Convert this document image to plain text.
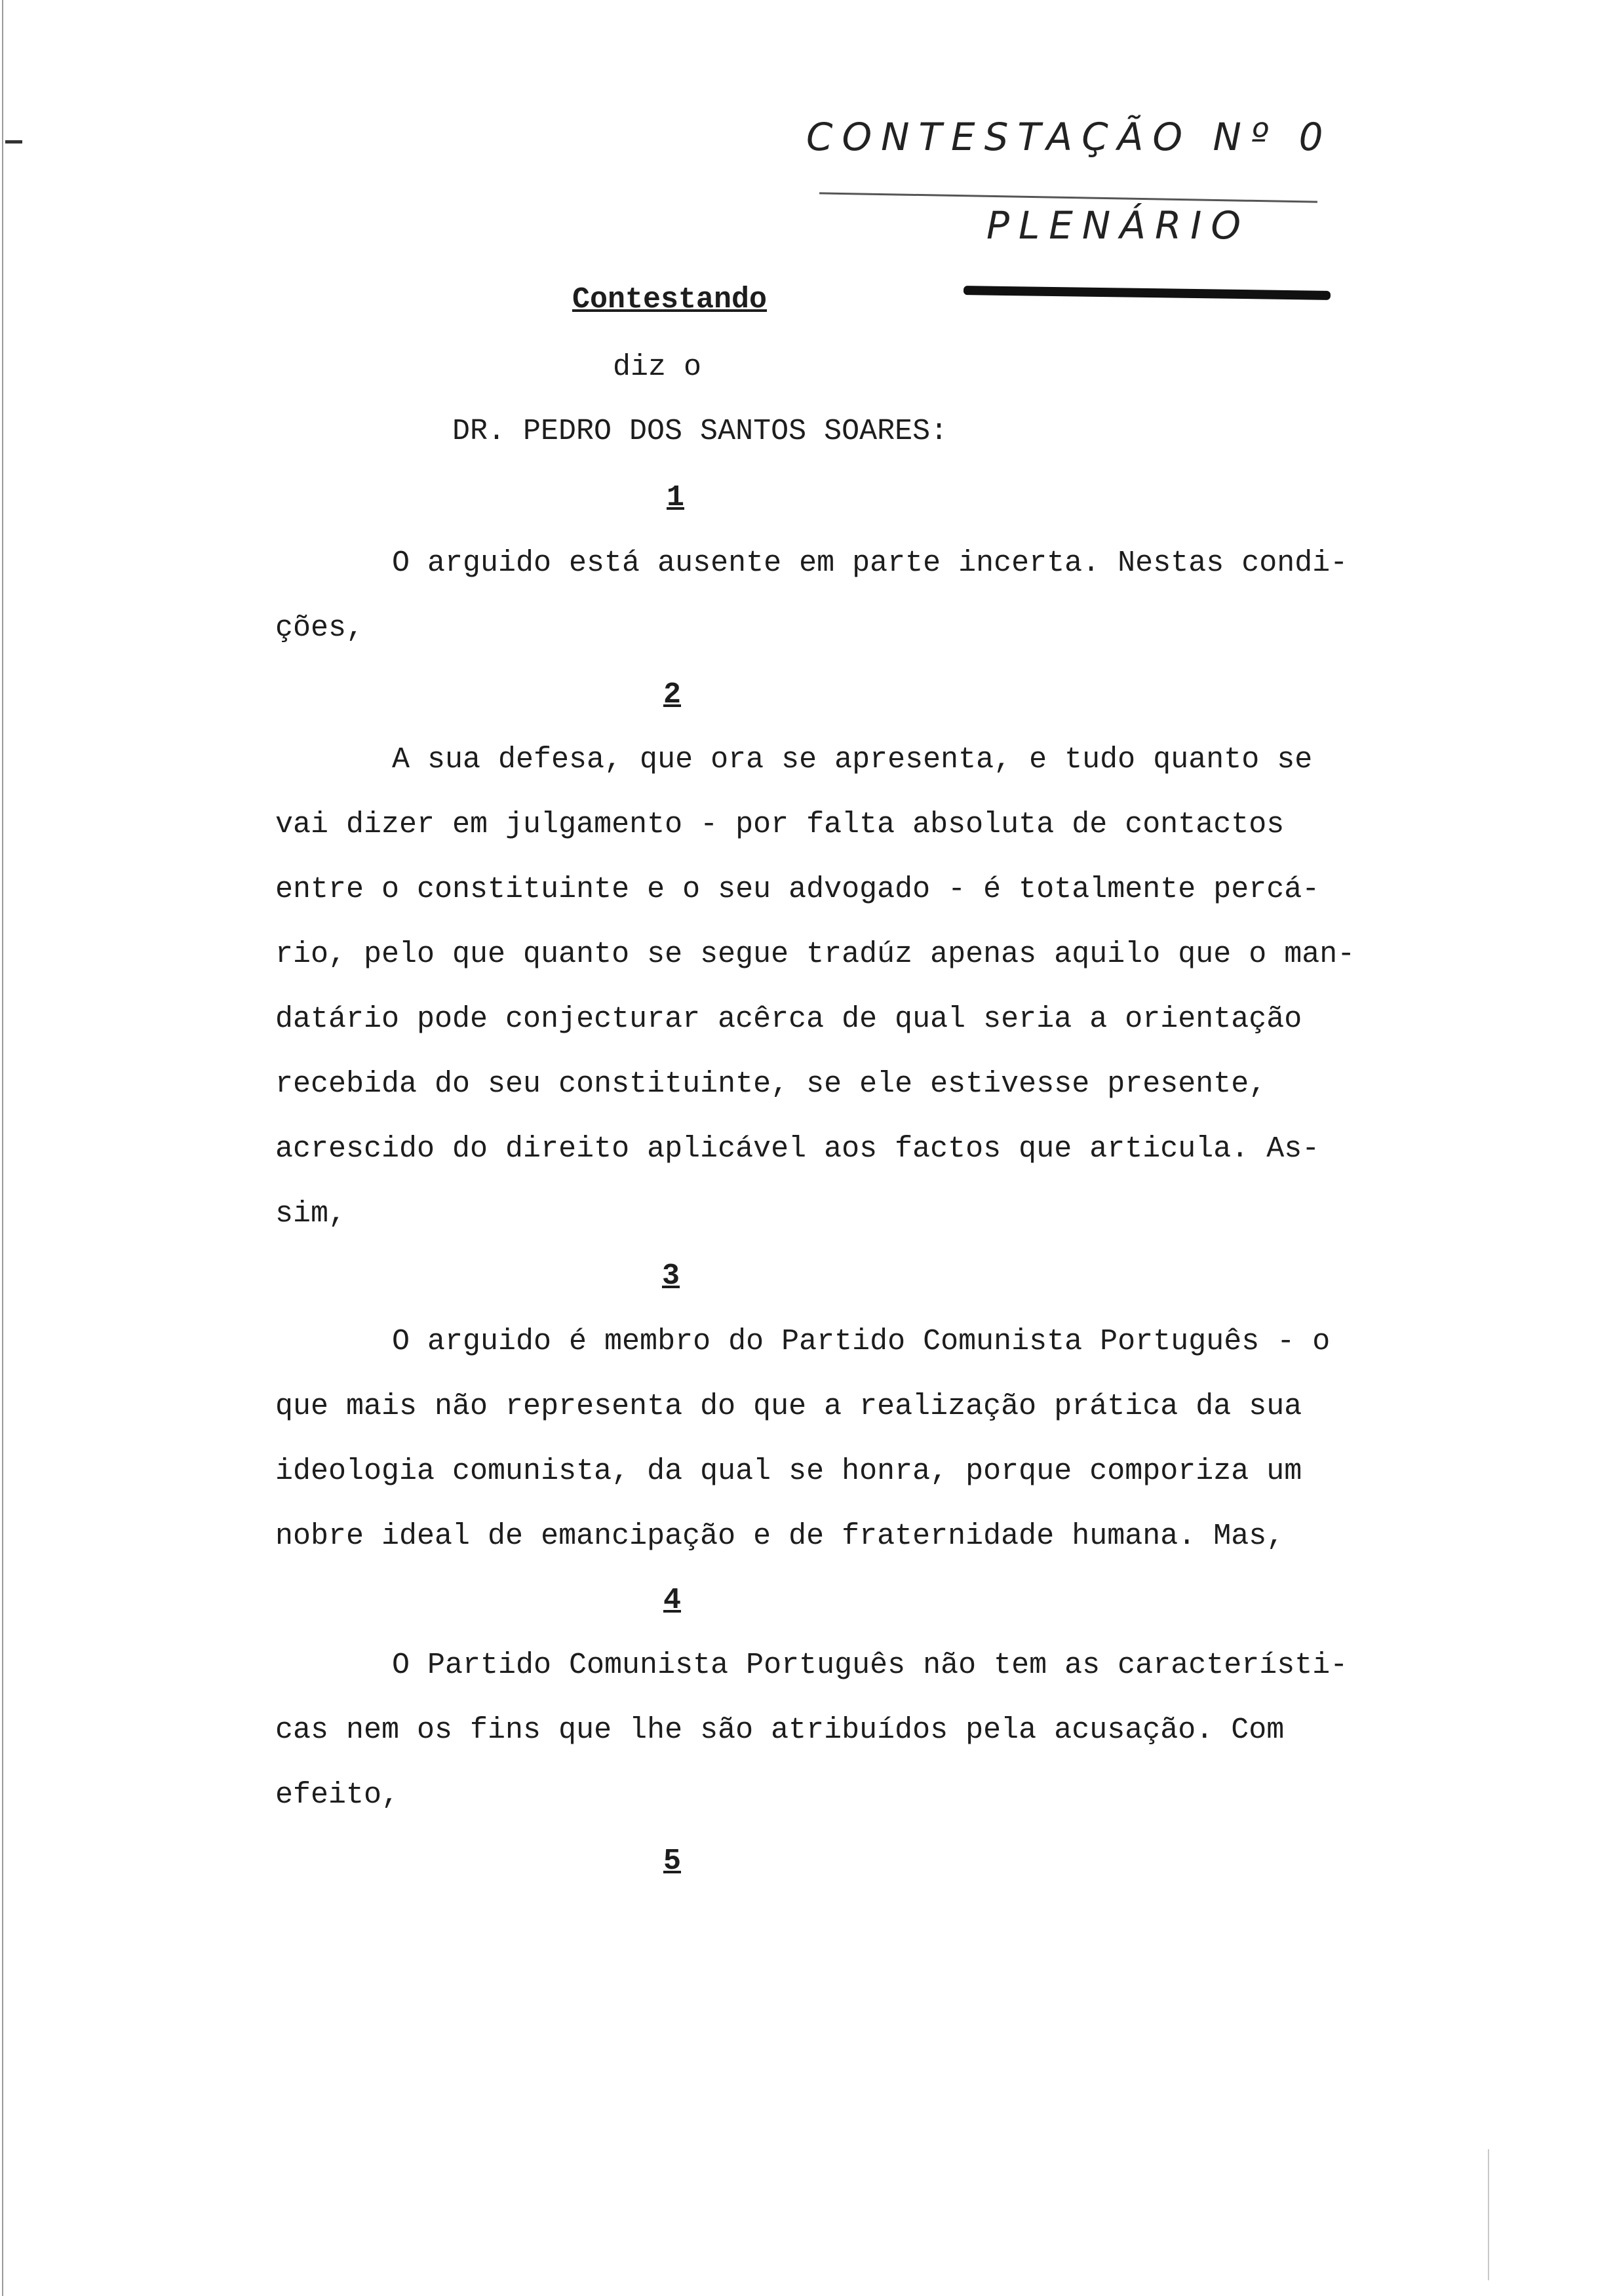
CONTESTAÇÃO Nº 0
PLENÁRIO
Contestando
diz o
DR. PEDRO DOS SANTOS SOARES:
1
O arguido está ausente em parte incerta. Nestas condi-
ções,
2
A sua defesa, que ora se apresenta, e tudo quanto se
vai dizer em julgamento - por falta absoluta de contactos
entre o constituinte e o seu advogado - é totalmente percá-
rio, pelo que quanto se segue tradúz apenas aquilo que o man-
datário pode conjecturar acêrca de qual seria a orientação
recebida do seu constituinte, se ele estivesse presente,
acrescido do direito aplicável aos factos que articula. As-
sim,
3
O arguido é membro do Partido Comunista Português - o
que mais não representa do que a realização prática da sua
ideologia comunista, da qual se honra, porque comporiza um
nobre ideal de emancipação e de fraternidade humana. Mas,
4
O Partido Comunista Português não tem as característi-
cas nem os fins que lhe são atribuídos pela acusação. Com
efeito,
5
